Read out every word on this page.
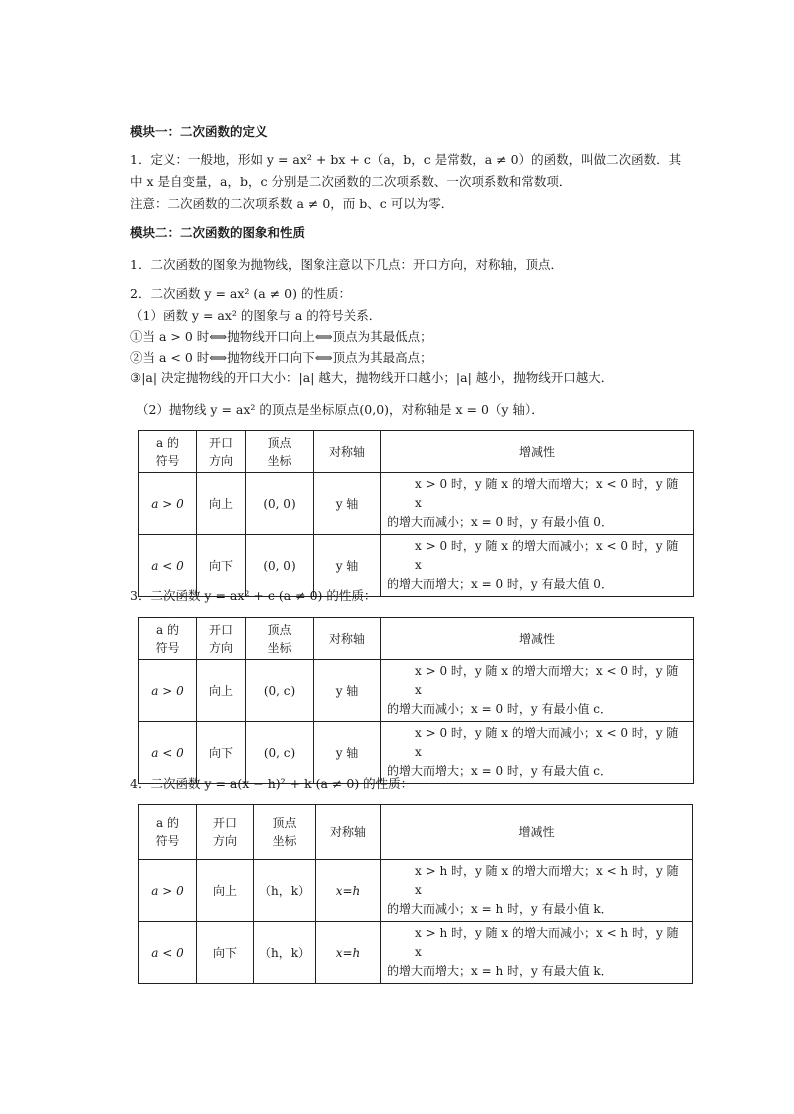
模块一：二次函数的定义
1．定义：一般地，形如 y = ax² + bx + c（a，b，c 是常数，a ≠ 0）的函数，叫做二次函数．其
中 x 是自变量，a，b，c 分别是二次函数的二次项系数、一次项系数和常数项．
注意：二次函数的二次项系数 a ≠ 0，而 b、c 可以为零．
模块二：二次函数的图象和性质
1．二次函数的图象为抛物线，图象注意以下几点：开口方向，对称轴，顶点．
2．二次函数 y = ax² (a ≠ 0) 的性质：
（1）函数 y = ax² 的图象与 a 的符号关系．
①当 a > 0 时⟺抛物线开口向上⟺顶点为其最低点；
②当 a < 0 时⟺抛物线开口向下⟺顶点为其最高点；
③|a| 决定抛物线的开口大小：|a| 越大，抛物线开口越小；|a| 越小，抛物线开口越大．
（2）抛物线 y = ax² 的顶点是坐标原点(0,0)，对称轴是 x = 0（y 轴）．
a 的
符号	开口
方向	顶点
坐标	对称轴	增减性
a > 0	向上	(0, 0)	y 轴	x > 0 时，y 随 x 的增大而增大；x < 0 时，y 随 x
的增大而减小；x = 0 时，y 有最小值 0．

a < 0	向下	(0, 0)	y 轴	x > 0 时，y 随 x 的增大而减小；x < 0 时，y 随 x
的增大而增大；x = 0 时，y 有最大值 0．
3．二次函数 y = ax² + c (a ≠ 0) 的性质：
a 的
符号	开口
方向	顶点
坐标	对称轴	增减性
a > 0	向上	(0, c)	y 轴	x > 0 时，y 随 x 的增大而增大；x < 0 时，y 随 x
的增大而减小；x = 0 时，y 有最小值 c．

a < 0	向下	(0, c)	y 轴	x > 0 时，y 随 x 的增大而减小；x < 0 时，y 随 x
的增大而增大；x = 0 时，y 有最大值 c．
4．二次函数 y = a(x − h)² + k (a ≠ 0) 的性质：
a 的
符号	开口
方向	顶点
坐标	对称轴	增减性
a > 0	向上	（h，k）	x=h	x > h 时，y 随 x 的增大而增大；x < h 时，y 随 x
的增大而减小；x = h 时，y 有最小值 k．

a < 0	向下	（h，k）	x=h	x > h 时，y 随 x 的增大而减小；x < h 时，y 随 x
的增大而增大；x = h 时，y 有最大值 k．
